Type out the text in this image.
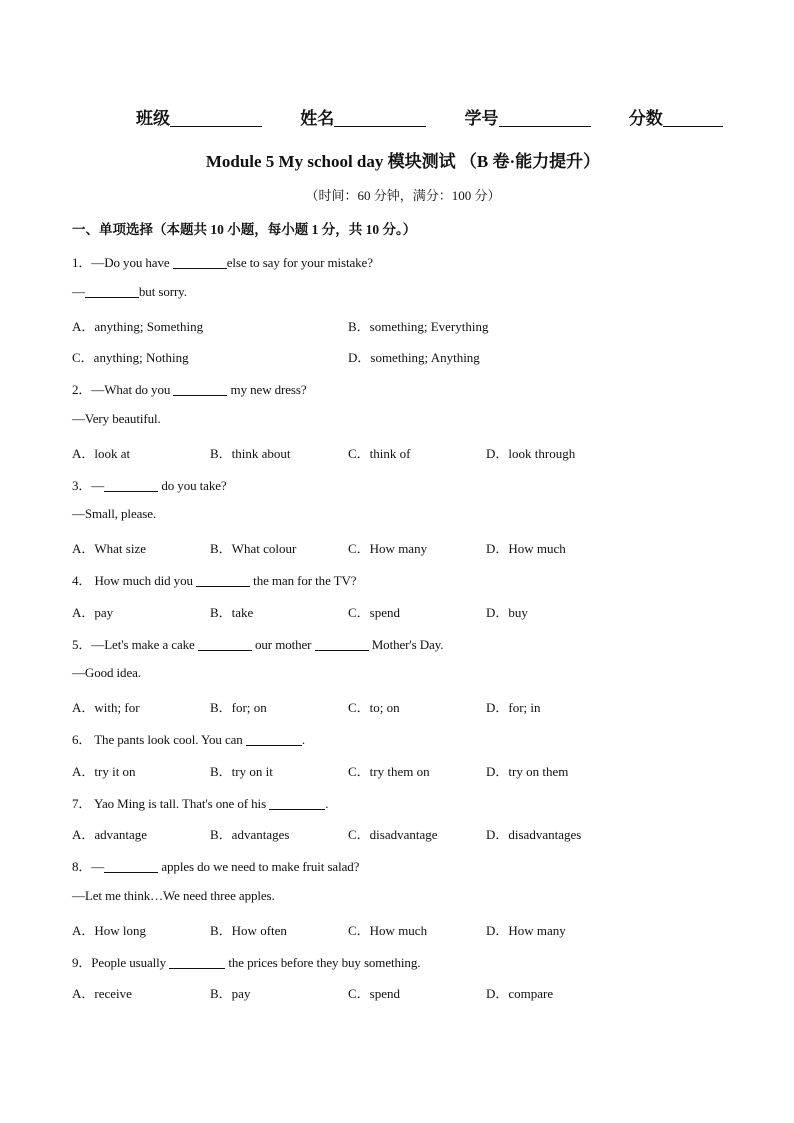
班级	姓名	学号	分数
Module 5 My school day 模块测试 （B 卷·能力提升）
（时间：60 分钟，满分：100 分）
一、单项选择（本题共 10 小题，每小题 1 分，共 10 分。）
1．—Do you have	else to say for your mistake?
—	but sorry.
A．anything; Something	B．something; Everything
C．anything; Nothing	D．something; Anything
2．—What do you	my new dress?
—Very beautiful.
A．look at	B．think about	C．think of	D．look through
3．—	do you take?
—Small, please.
A．What size	B．What colour	C．How many	D．How much
4． How much did you	the man for the TV?
A．pay	B．take	C．spend	D．buy
5．—Let's make a cake	our mother	Mother's Day.
—Good idea.
A．with; for	B．for; on	C．to; on	D．for; in
6． The pants look cool. You can	.
A．try it on	B．try on it	C．try them on	D．try on them
7． Yao Ming is tall. That's one of his	.
A．advantage	B．advantages	C．disadvantage	D．disadvantages
8．—	apples do we need to make fruit salad?
—Let me think…We need three apples.
A．How long	B．How often	C．How much	D．How many
9．People usually	the prices before they buy something.
A．receive	B．pay	C．spend	D．compare
